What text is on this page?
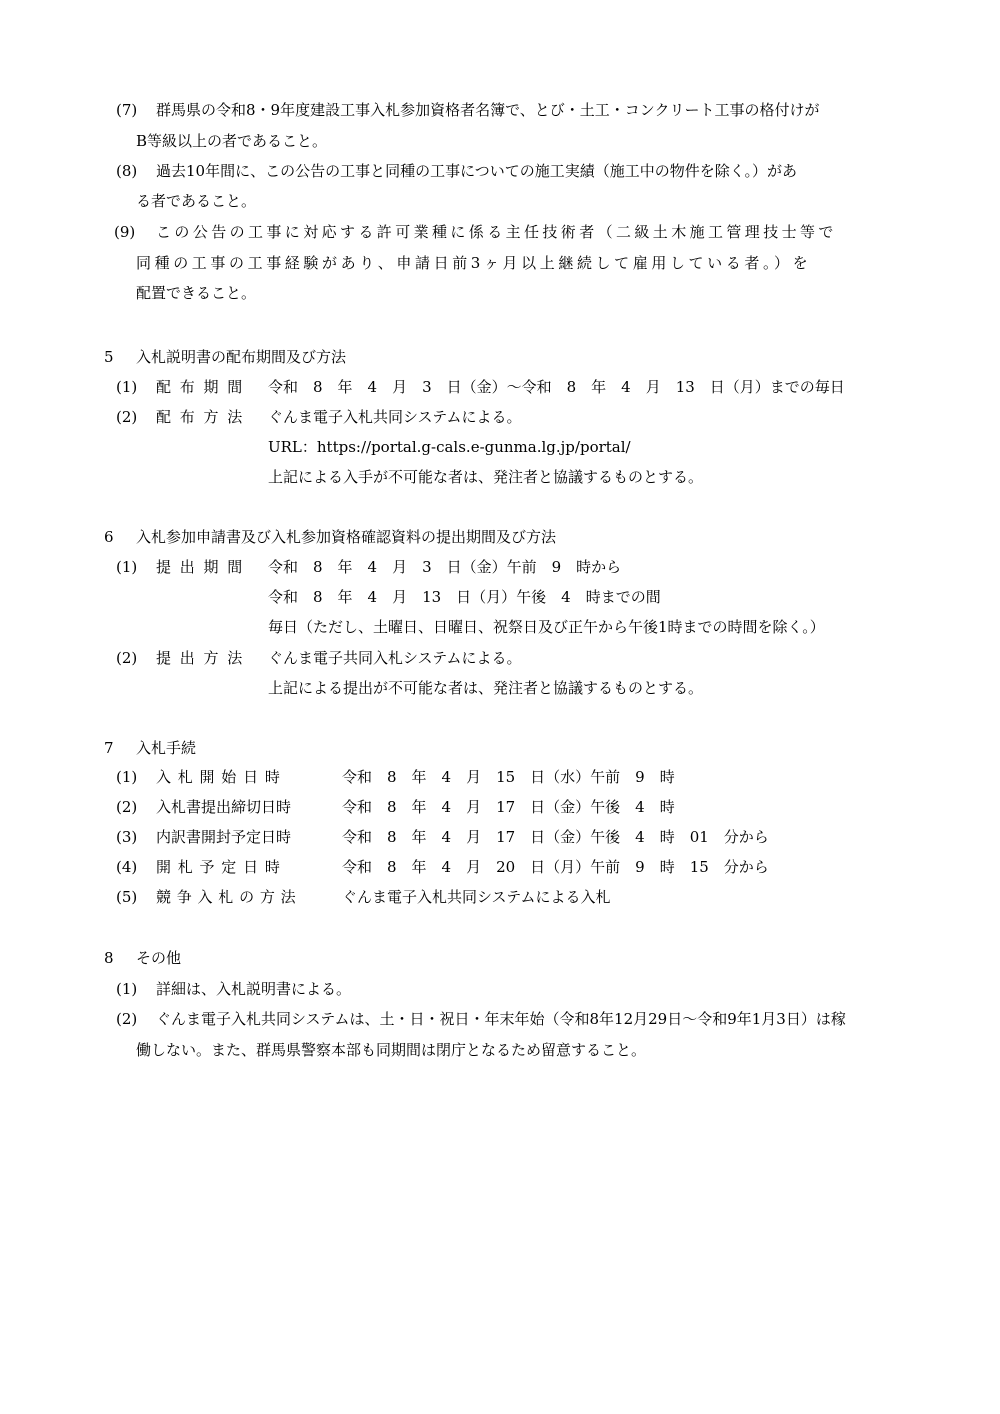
(7) 群馬県の令和8・9年度建設工事入札参加資格者名簿で、とび・土工・コンクリート工事の格付けが
B等級以上の者であること。
(8) 過去10年間に、この公告の工事と同種の工事についての施工実績（施工中の物件を除く。）があ
る者であること。
(9) この公告の工事に対応する許可業種に係る主任技術者（二級土木施工管理技士等で
同種の工事の工事経験があり、申請日前3ヶ月以上継続して雇用している者。）を
配置できること。
5 入札説明書の配布期間及び方法
(1) 配 布 期 間 令和　8　年　4　月　3　日（金）～令和　8　年　4　月　13　日（月）までの毎日
(2) 配 布 方 法 ぐんま電子入札共同システムによる。
URL：https://portal.g-cals.e-gunma.lg.jp/portal/
上記による入手が不可能な者は、発注者と協議するものとする。
6 入札参加申請書及び入札参加資格確認資料の提出期間及び方法
(1) 提 出 期 間 令和　8　年　4　月　3　日（金）午前　9　時から
令和　8　年　4　月　13　日（月）午後　4　時までの間
毎日（ただし、土曜日、日曜日、祝祭日及び正午から午後1時までの時間を除く。）
(2) 提 出 方 法 ぐんま電子共同入札システムによる。
上記による提出が不可能な者は、発注者と協議するものとする。
7 入札手続
(1) 入 札 開 始 日 時	令和　8　年　4　月　15　日（水）午前　9　時
(2) 入札書提出締切日時	令和　8　年　4　月　17　日（金）午後　4　時
(3) 内訳書開封予定日時	令和　8　年　4　月　17　日（金）午後　4　時　01　分から
(4) 開 札 予 定 日 時	令和　8　年　4　月　20　日（月）午前　9　時　15　分から
(5) 競 争 入 札 の 方 法	ぐんま電子入札共同システムによる入札
8 その他
(1) 詳細は、入札説明書による。
(2) ぐんま電子入札共同システムは、土・日・祝日・年末年始（令和8年12月29日～令和9年1月3日）は稼
働しない。また、群馬県警察本部も同期間は閉庁となるため留意すること。
